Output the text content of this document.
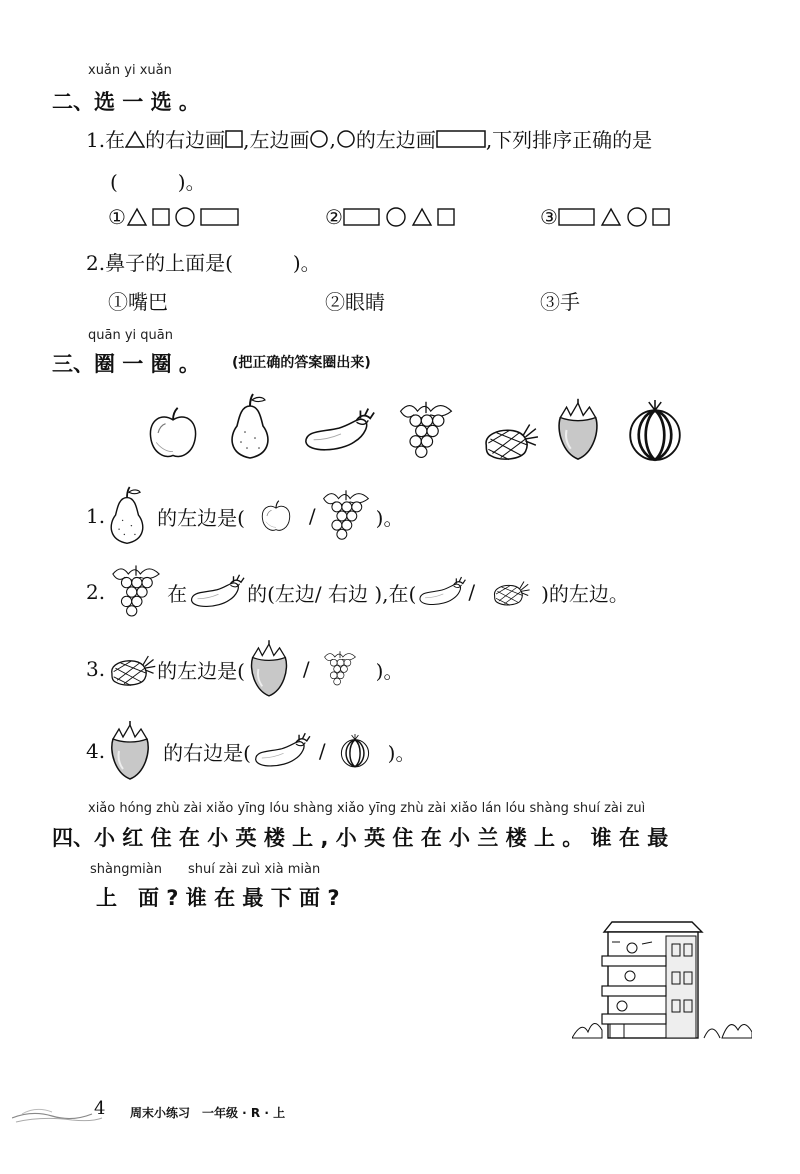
xuǎn yi xuǎn
二、选 一 选 。
1.在 的右边画 ,左边画 , 的左边画	,下列排序正确的是
(　　　)。
①	②	③
2.鼻子的上面是(　　　)。
①嘴巴	②眼睛	③手
quān yi quān
三、圈 一 圈 。 (把正确的答案圈出来)
1.	的左边是(	/	)。
2.	在	的(左边/ 右边 ),在(	/	)的左边。
3.	的左边是(	/	)。
4.	的右边是(	/	)。
xiǎo hóng zhù zài xiǎo yīng lóu shàng xiǎo yīng zhù zài xiǎo lán lóu shàng shuí zài zuì
四、小 红 住 在 小 英 楼 上 , 小 英 住 在 小 兰 楼 上 。 谁 在 最
shàngmiàn shuí zài zuì xià miàn
上　面 ? 谁 在 最 下 面 ?
4 周末小练习　一年级 · R · 上
